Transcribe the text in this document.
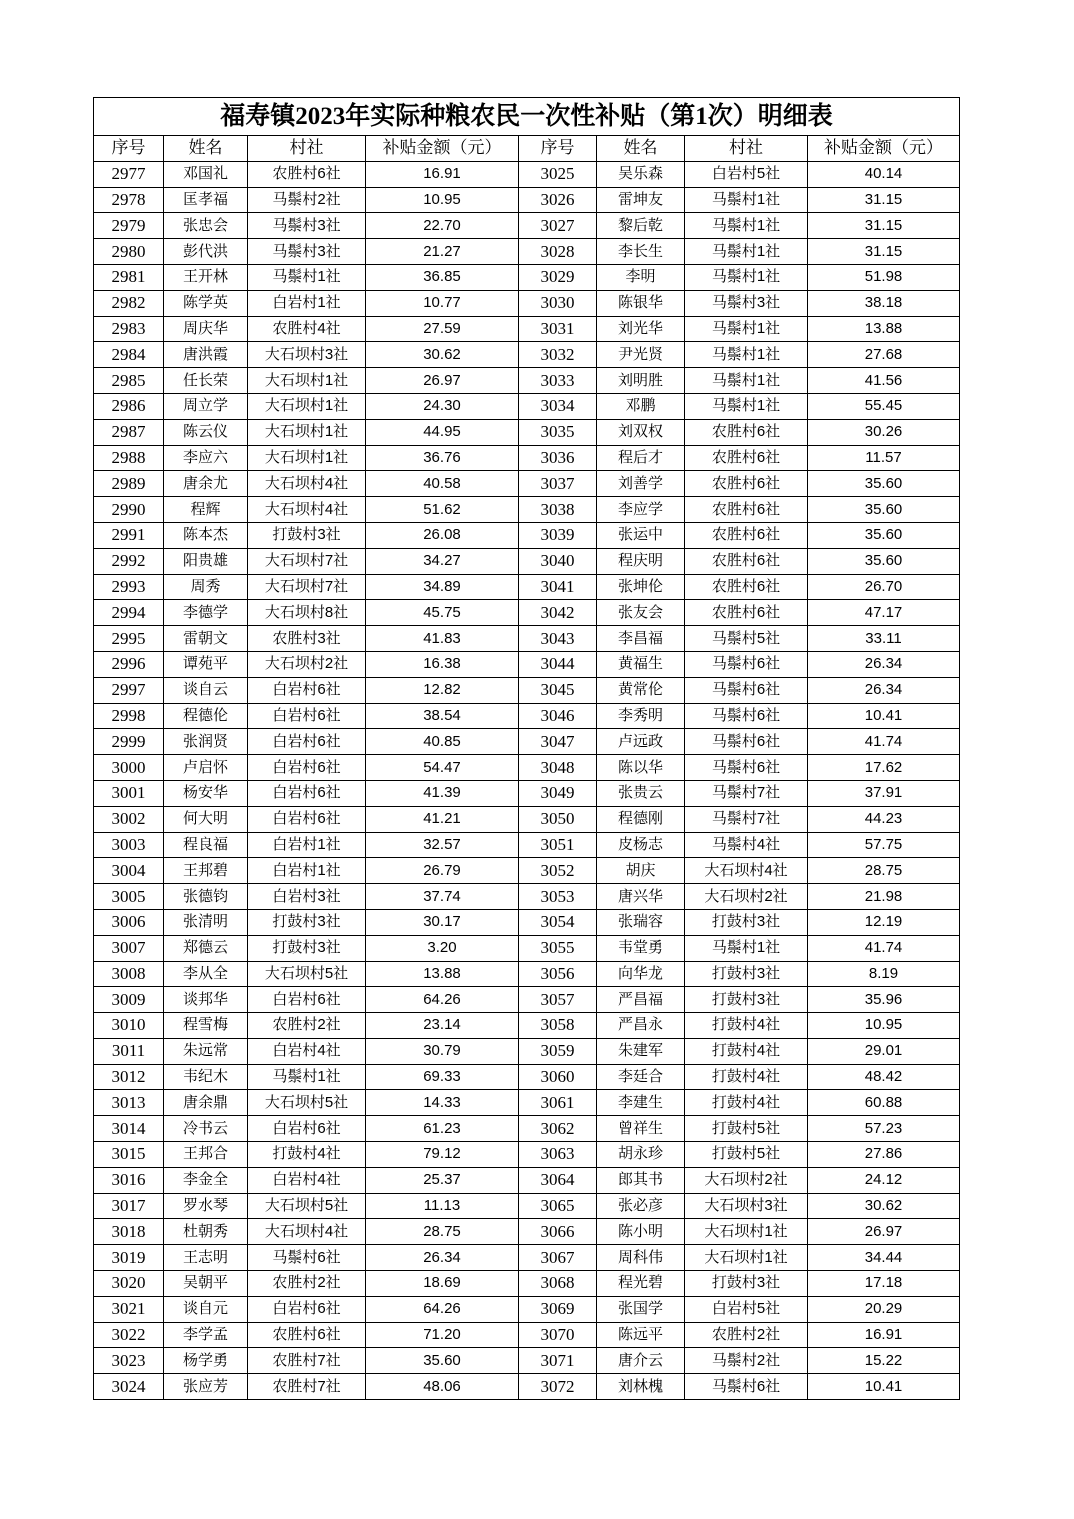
福寿镇2023年实际种粮农民一次性补贴（第1次）明细表							
序号	姓名	村社	补贴金额（元）	序号	姓名	村社	补贴金额（元）
2977	邓国礼	农胜村6社	16.91	3025	吴乐森	白岩村5社	40.14
2978	匡孝福	马鬃村2社	10.95	3026	雷坤友	马鬃村1社	31.15
2979	张忠会	马鬃村3社	22.70	3027	黎后乾	马鬃村1社	31.15
2980	彭代洪	马鬃村3社	21.27	3028	李长生	马鬃村1社	31.15
2981	王开林	马鬃村1社	36.85	3029	李明	马鬃村1社	51.98
2982	陈学英	白岩村1社	10.77	3030	陈银华	马鬃村3社	38.18
2983	周庆华	农胜村4社	27.59	3031	刘光华	马鬃村1社	13.88
2984	唐洪霞	大石坝村3社	30.62	3032	尹光贤	马鬃村1社	27.68
2985	任长荣	大石坝村1社	26.97	3033	刘明胜	马鬃村1社	41.56
2986	周立学	大石坝村1社	24.30	3034	邓鹏	马鬃村1社	55.45
2987	陈云仪	大石坝村1社	44.95	3035	刘双权	农胜村6社	30.26
2988	李应六	大石坝村1社	36.76	3036	程后才	农胜村6社	11.57
2989	唐余尤	大石坝村4社	40.58	3037	刘善学	农胜村6社	35.60
2990	程辉	大石坝村4社	51.62	3038	李应学	农胜村6社	35.60
2991	陈本杰	打鼓村3社	26.08	3039	张运中	农胜村6社	35.60
2992	阳贵雄	大石坝村7社	34.27	3040	程庆明	农胜村6社	35.60
2993	周秀	大石坝村7社	34.89	3041	张坤伦	农胜村6社	26.70
2994	李德学	大石坝村8社	45.75	3042	张友会	农胜村6社	47.17
2995	雷朝文	农胜村3社	41.83	3043	李昌福	马鬃村5社	33.11
2996	谭苑平	大石坝村2社	16.38	3044	黄福生	马鬃村6社	26.34
2997	谈自云	白岩村6社	12.82	3045	黄常伦	马鬃村6社	26.34
2998	程德伦	白岩村6社	38.54	3046	李秀明	马鬃村6社	10.41
2999	张润贤	白岩村6社	40.85	3047	卢远政	马鬃村6社	41.74
3000	卢启怀	白岩村6社	54.47	3048	陈以华	马鬃村6社	17.62
3001	杨安华	白岩村6社	41.39	3049	张贵云	马鬃村7社	37.91
3002	何大明	白岩村6社	41.21	3050	程德刚	马鬃村7社	44.23
3003	程良福	白岩村1社	32.57	3051	皮杨志	马鬃村4社	57.75
3004	王邦碧	白岩村1社	26.79	3052	胡庆	大石坝村4社	28.75
3005	张德钧	白岩村3社	37.74	3053	唐兴华	大石坝村2社	21.98
3006	张清明	打鼓村3社	30.17	3054	张瑞容	打鼓村3社	12.19
3007	郑德云	打鼓村3社	3.20	3055	韦堂勇	马鬃村1社	41.74
3008	李从全	大石坝村5社	13.88	3056	向华龙	打鼓村3社	8.19
3009	谈邦华	白岩村6社	64.26	3057	严昌福	打鼓村3社	35.96
3010	程雪梅	农胜村2社	23.14	3058	严昌永	打鼓村4社	10.95
3011	朱远常	白岩村4社	30.79	3059	朱建军	打鼓村4社	29.01
3012	韦纪木	马鬃村1社	69.33	3060	李廷合	打鼓村4社	48.42
3013	唐余鼎	大石坝村5社	14.33	3061	李建生	打鼓村4社	60.88
3014	冷书云	白岩村6社	61.23	3062	曾祥生	打鼓村5社	57.23
3015	王邦合	打鼓村4社	79.12	3063	胡永珍	打鼓村5社	27.86
3016	李金全	白岩村4社	25.37	3064	郎其书	大石坝村2社	24.12
3017	罗水琴	大石坝村5社	11.13	3065	张必彦	大石坝村3社	30.62
3018	杜朝秀	大石坝村4社	28.75	3066	陈小明	大石坝村1社	26.97
3019	王志明	马鬃村6社	26.34	3067	周科伟	大石坝村1社	34.44
3020	吴朝平	农胜村2社	18.69	3068	程光碧	打鼓村3社	17.18
3021	谈自元	白岩村6社	64.26	3069	张国学	白岩村5社	20.29
3022	李学孟	农胜村6社	71.20	3070	陈远平	农胜村2社	16.91
3023	杨学勇	农胜村7社	35.60	3071	唐介云	马鬃村2社	15.22
3024	张应芳	农胜村7社	48.06	3072	刘林槐	马鬃村6社	10.41
